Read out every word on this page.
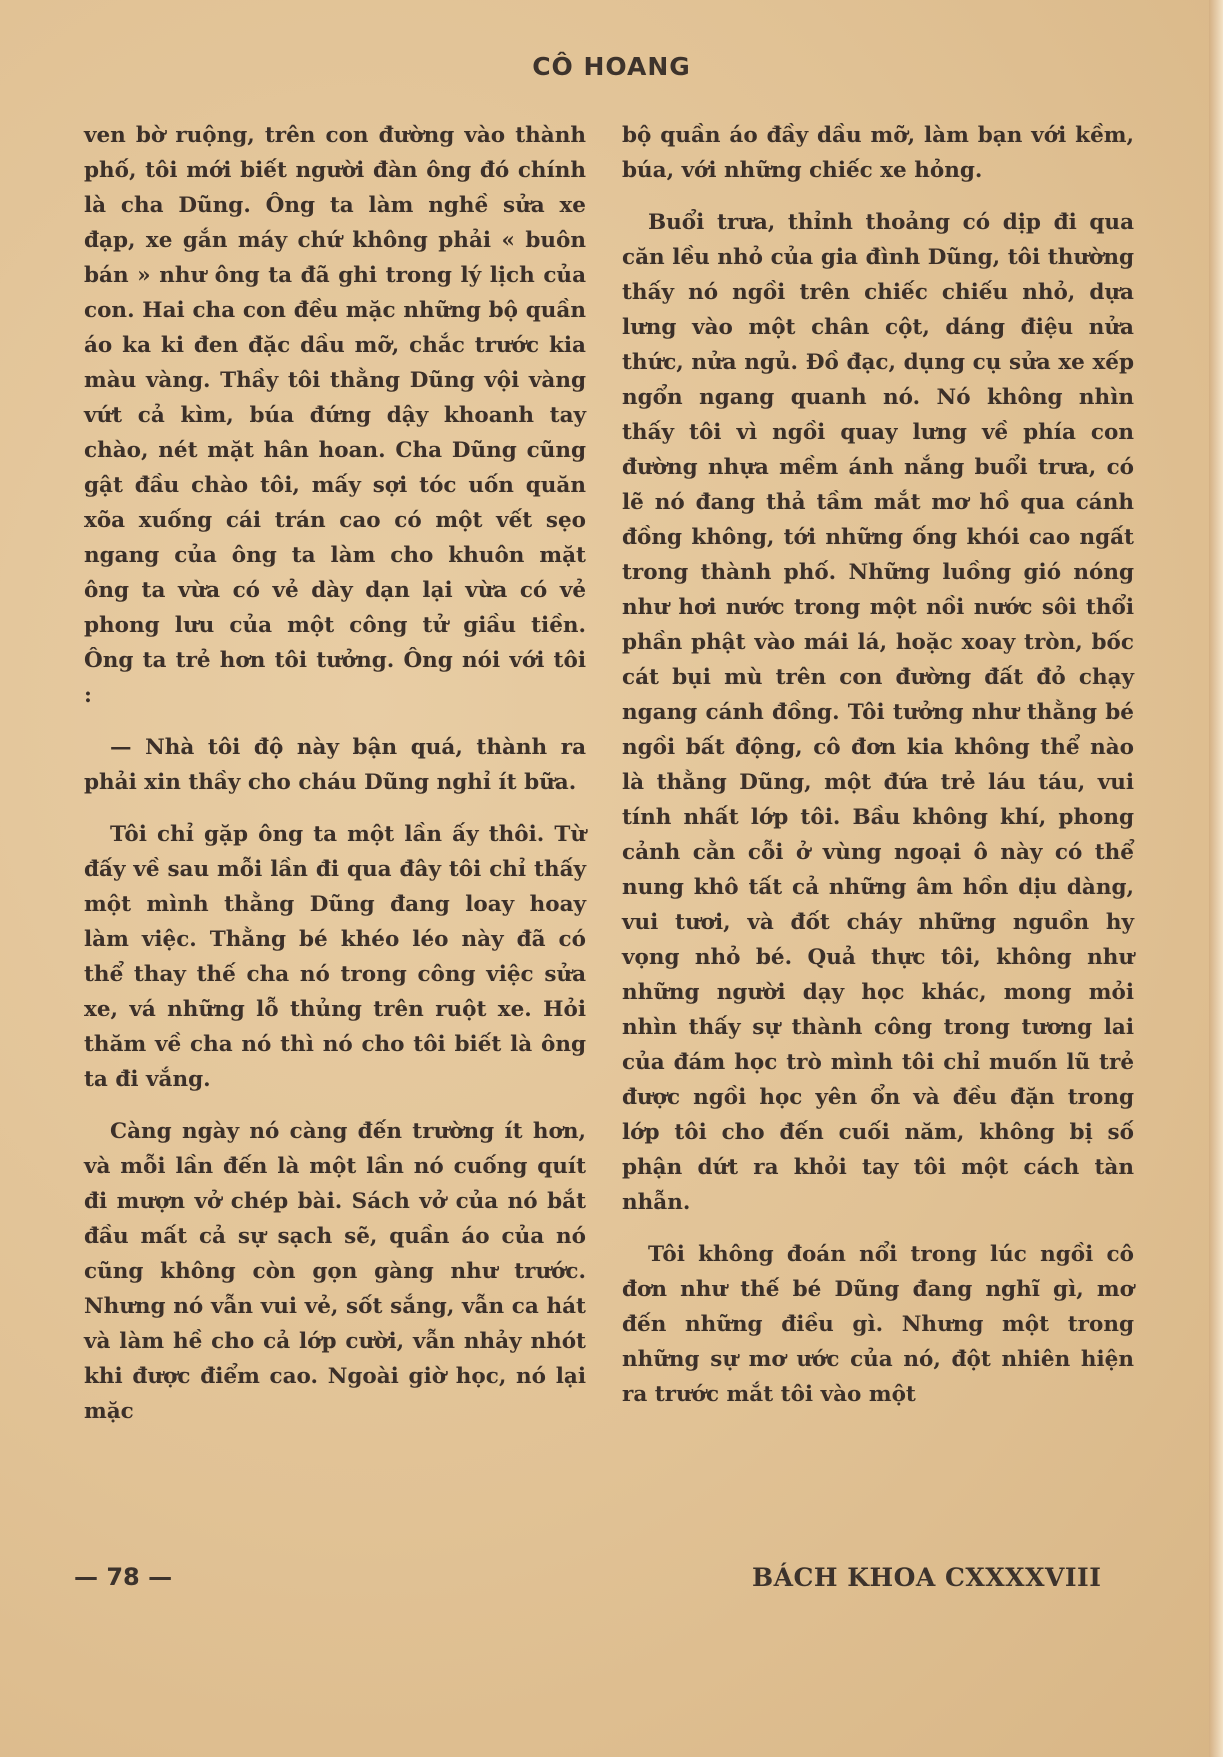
CÔ HOANG

ven bờ ruộng, trên con đường vào thành phố, tôi mới biết người đàn ông đó chính là cha Dũng. Ông ta làm nghề sửa xe đạp, xe gắn máy chứ không phải « buôn bán » như ông ta đã ghi trong lý lịch của con. Hai cha con đều mặc những bộ quần áo ka ki đen đặc dầu mỡ, chắc trước kia màu vàng. Thầy tôi thằng Dũng vội vàng vứt cả kìm, búa đứng dậy khoanh tay chào, nét mặt hân hoan. Cha Dũng cũng gật đầu chào tôi, mấy sợi tóc uốn quăn xõa xuống cái trán cao có một vết sẹo ngang của ông ta làm cho khuôn mặt ông ta vừa có vẻ dày dạn lại vừa có vẻ phong lưu của một công tử giầu tiền. Ông ta trẻ hơn tôi tưởng. Ông nói với tôi :

— Nhà tôi độ này bận quá, thành ra phải xin thầy cho cháu Dũng nghỉ ít bữa.

Tôi chỉ gặp ông ta một lần ấy thôi. Từ đấy về sau mỗi lần đi qua đây tôi chỉ thấy một mình thằng Dũng đang loay hoay làm việc. Thằng bé khéo léo này đã có thể thay thế cha nó trong công việc sửa xe, vá những lỗ thủng trên ruột xe. Hỏi thăm về cha nó thì nó cho tôi biết là ông ta đi vắng.

Càng ngày nó càng đến trường ít hơn, và mỗi lần đến là một lần nó cuống quít đi mượn vở chép bài. Sách vở của nó bắt đầu mất cả sự sạch sẽ, quần áo của nó cũng không còn gọn gàng như trước. Nhưng nó vẫn vui vẻ, sốt sắng, vẫn ca hát và làm hề cho cả lớp cười, vẫn nhảy nhót khi được điểm cao. Ngoài giờ học, nó lại mặc

bộ quần áo đầy dầu mỡ, làm bạn với kềm, búa, với những chiếc xe hỏng.

Buổi trưa, thỉnh thoảng có dịp đi qua căn lều nhỏ của gia đình Dũng, tôi thường thấy nó ngồi trên chiếc chiếu nhỏ, dựa lưng vào một chân cột, dáng điệu nửa thức, nửa ngủ. Đồ đạc, dụng cụ sửa xe xếp ngổn ngang quanh nó. Nó không nhìn thấy tôi vì ngồi quay lưng về phía con đường nhựa mềm ánh nắng buổi trưa, có lẽ nó đang thả tầm mắt mơ hồ qua cánh đồng không, tới những ống khói cao ngất trong thành phố. Những luồng gió nóng như hơi nước trong một nồi nước sôi thổi phần phật vào mái lá, hoặc xoay tròn, bốc cát bụi mù trên con đường đất đỏ chạy ngang cánh đồng. Tôi tưởng như thằng bé ngồi bất động, cô đơn kia không thể nào là thằng Dũng, một đứa trẻ láu táu, vui tính nhất lớp tôi. Bầu không khí, phong cảnh cằn cỗi ở vùng ngoại ô này có thể nung khô tất cả những âm hồn dịu dàng, vui tươi, và đốt cháy những nguồn hy vọng nhỏ bé. Quả thực tôi, không như những người dạy học khác, mong mỏi nhìn thấy sự thành công trong tương lai của đám học trò mình tôi chỉ muốn lũ trẻ được ngồi học yên ổn và đều đặn trong lớp tôi cho đến cuối năm, không bị số phận dứt ra khỏi tay tôi một cách tàn nhẫn.

Tôi không đoán nổi trong lúc ngồi cô đơn như thế bé Dũng đang nghĩ gì, mơ đến những điều gì. Nhưng một trong những sự mơ ước của nó, đột nhiên hiện ra trước mắt tôi vào một

— 78 —	BÁCH KHOA CXXXXVIII
